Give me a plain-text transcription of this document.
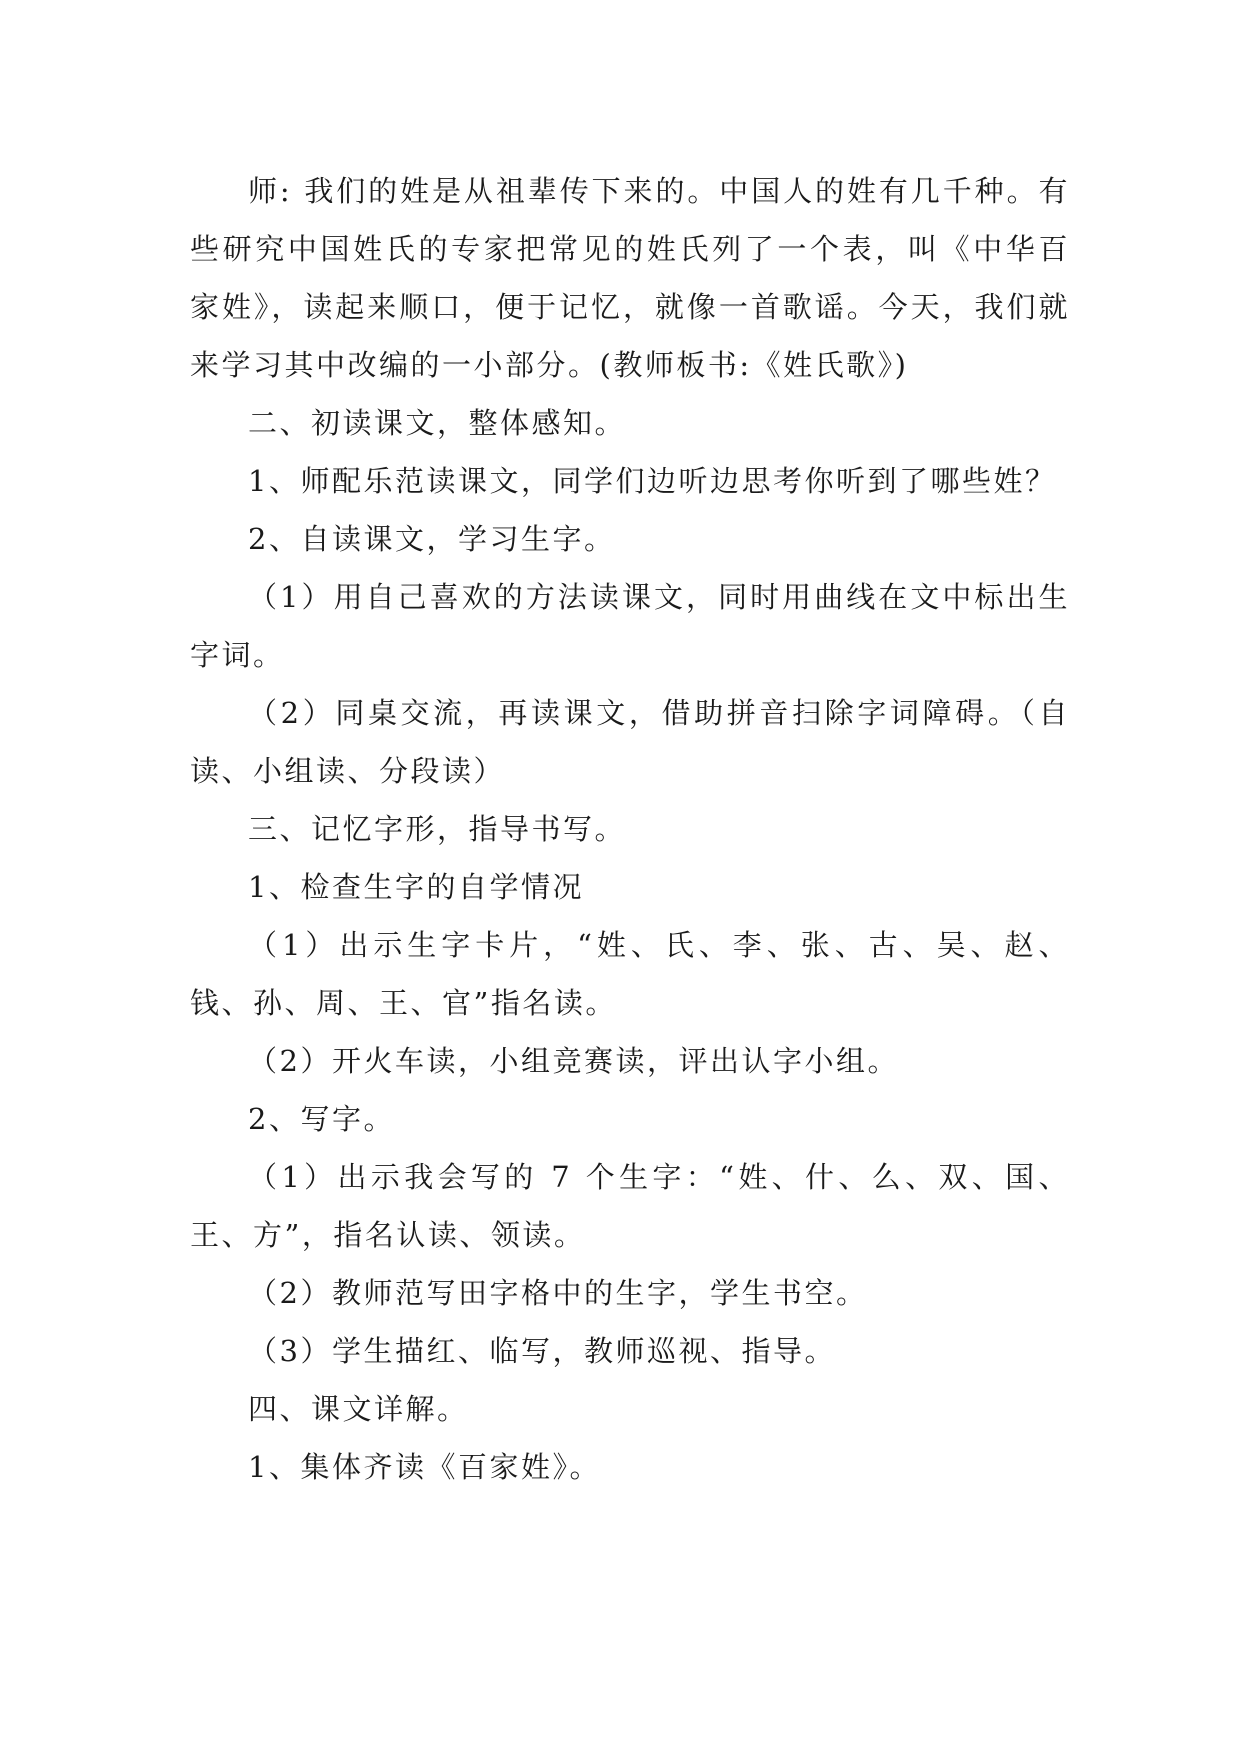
师: 我们的姓是从祖辈传下来的。中国人的姓有几千种。有些研究中国姓氏的专家把常见的姓氏列了一个表，叫《中华百家姓》，读起来顺口，便于记忆，就像一首歌谣。今天，我们就来学习其中改编的一小部分。(教师板书:《姓氏歌》)

二、初读课文，整体感知。

1、师配乐范读课文，同学们边听边思考你听到了哪些姓？

2、自读课文，学习生字。

（1）用自己喜欢的方法读课文，同时用曲线在文中标出生字词。

（2）同桌交流，再读课文，借助拼音扫除字词障碍。（自读、小组读、分段读）

三、记忆字形，指导书写。

1、检查生字的自学情况

（1）出示生字卡片，“姓、氏、李、张、古、吴、赵、钱、孙、周、王、官”指名读。

（2）开火车读，小组竞赛读，评出认字小组。

2、写字。

（1）出示我会写的 7 个生字：“姓、什、么、双、国、王、方”，指名认读、领读。

（2）教师范写田字格中的生字，学生书空。

（3）学生描红、临写，教师巡视、指导。

四、课文详解。

1、集体齐读《百家姓》。
